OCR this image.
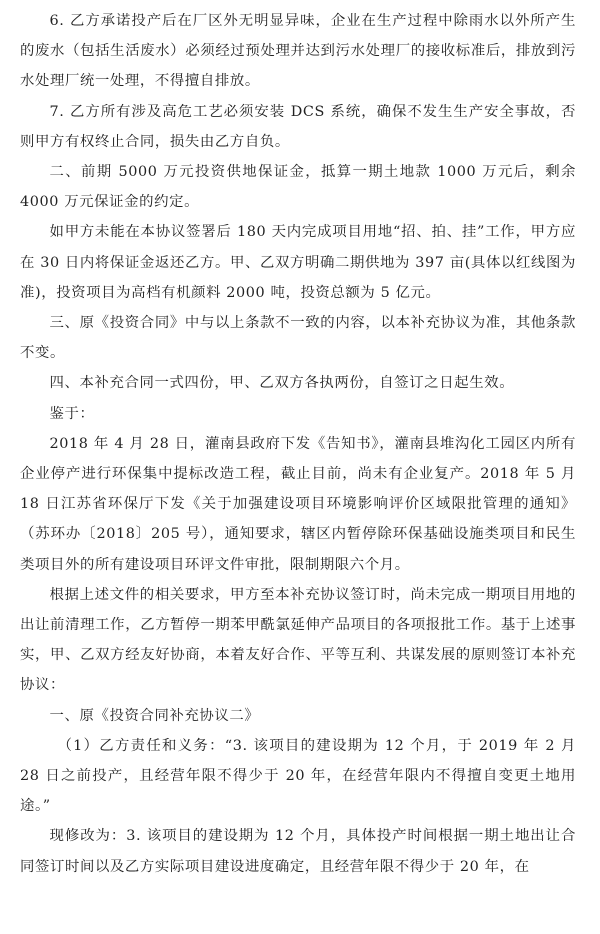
6. 乙方承诺投产后在厂区外无明显异味，企业在生产过程中除雨水以外所产生的废水（包括生活废水）必须经过预处理并达到污水处理厂的接收标准后，排放到污水处理厂统一处理，不得擅自排放。

7. 乙方所有涉及高危工艺必须安装 DCS 系统，确保不发生生产安全事故，否则甲方有权终止合同，损失由乙方自负。

二、前期 5000 万元投资供地保证金，抵算一期土地款 1000 万元后，剩余 4000 万元保证金的约定。

如甲方未能在本协议签署后 180 天内完成项目用地“招、拍、挂”工作，甲方应在 30 日内将保证金返还乙方。甲、乙双方明确二期供地为 397 亩(具体以红线图为准)，投资项目为高档有机颜料 2000 吨，投资总额为 5 亿元。

三、原《投资合同》中与以上条款不一致的内容，以本补充协议为准，其他条款不变。

四、本补充合同一式四份，甲、乙双方各执两份，自签订之日起生效。

鉴于：

2018 年 4 月 28 日，灌南县政府下发《告知书》，灌南县堆沟化工园区内所有企业停产进行环保集中提标改造工程，截止目前，尚未有企业复产。2018 年 5 月 18 日江苏省环保厅下发《关于加强建设项目环境影响评价区域限批管理的通知》（苏环办〔2018〕205 号），通知要求，辖区内暂停除环保基础设施类项目和民生类项目外的所有建设项目环评文件审批，限制期限六个月。

根据上述文件的相关要求，甲方至本补充协议签订时，尚未完成一期项目用地的出让前清理工作，乙方暂停一期苯甲酰氯延伸产品项目的各项报批工作。基于上述事实，甲、乙双方经友好协商，本着友好合作、平等互利、共谋发展的原则签订本补充协议：

一、原《投资合同补充协议二》

（1）乙方责任和义务：“3. 该项目的建设期为 12 个月，于 2019 年 2 月 28 日之前投产，且经营年限不得少于 20 年，在经营年限内不得擅自变更土地用途。”

现修改为：3. 该项目的建设期为 12 个月，具体投产时间根据一期土地出让合同签订时间以及乙方实际项目建设进度确定，且经营年限不得少于 20 年，在
